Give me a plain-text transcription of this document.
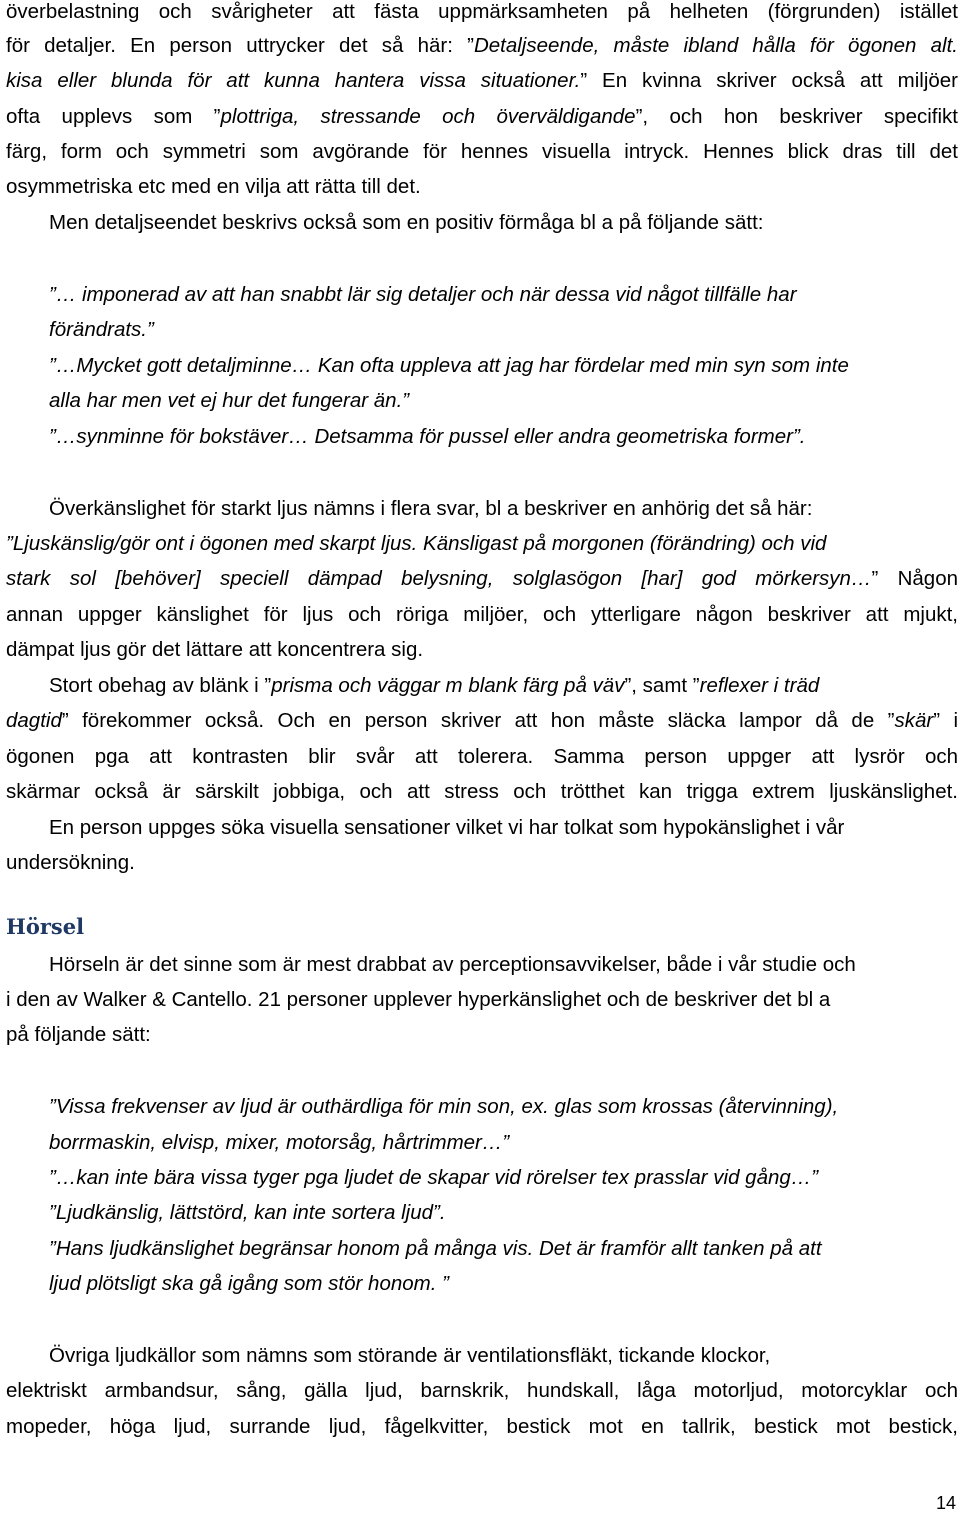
överbelastning och svårigheter att fästa uppmärksamheten på helheten (förgrunden) istället
för detaljer. En person uttrycker det så här: ”Detaljseende, måste ibland hålla för ögonen alt.
kisa eller blunda för att kunna hantera vissa situationer.” En kvinna skriver också att miljöer
ofta upplevs som ”plottriga, stressande och överväldigande”, och hon beskriver specifikt
färg, form och symmetri som avgörande för hennes visuella intryck. Hennes blick dras till det
osymmetriska etc med en vilja att rätta till det.
Men detaljseendet beskrivs också som en positiv förmåga bl a på följande sätt:
”… imponerad av att han snabbt lär sig detaljer och när dessa vid något tillfälle har
förändrats.”
”…Mycket gott detaljminne… Kan ofta uppleva att jag har fördelar med min syn som inte
alla har men vet ej hur det fungerar än.”
”…synminne för bokstäver… Detsamma för pussel eller andra geometriska former”.
Överkänslighet för starkt ljus nämns i flera svar, bl a beskriver en anhörig det så här:
”Ljuskänslig/gör ont i ögonen med skarpt ljus. Känsligast på morgonen (förändring) och vid
stark sol [behöver] speciell dämpad belysning, solglasögon [har] god mörkersyn…” Någon
annan uppger känslighet för ljus och röriga miljöer, och ytterligare någon beskriver att mjukt,
dämpat ljus gör det lättare att koncentrera sig.
Stort obehag av blänk i ”prisma och väggar m blank färg på väv”, samt ”reflexer i träd
dagtid” förekommer också. Och en person skriver att hon måste släcka lampor då de ”skär” i
ögonen pga att kontrasten blir svår att tolerera. Samma person uppger att lysrör och
skärmar också är särskilt jobbiga, och att stress och trötthet kan trigga extrem ljuskänslighet.
En person uppges söka visuella sensationer vilket vi har tolkat som hypokänslighet i vår
undersökning.
Hörsel
Hörseln är det sinne som är mest drabbat av perceptionsavvikelser, både i vår studie och
i den av Walker & Cantello. 21 personer upplever hyperkänslighet och de beskriver det bl a
på följande sätt:
”Vissa frekvenser av ljud är outhärdliga för min son, ex. glas som krossas (återvinning),
borrmaskin, elvisp, mixer, motorsåg, hårtrimmer…”
”…kan inte bära vissa tyger pga ljudet de skapar vid rörelser tex prasslar vid gång…”
”Ljudkänslig, lättstörd, kan inte sortera ljud”.
”Hans ljudkänslighet begränsar honom på många vis. Det är framför allt tanken på att
ljud plötsligt ska gå igång som stör honom. ”
Övriga ljudkällor som nämns som störande är ventilationsfläkt, tickande klockor,
elektriskt armbandsur, sång, gälla ljud, barnskrik, hundskall, låga motorljud, motorcyklar och
mopeder, höga ljud, surrande ljud, fågelkvitter, bestick mot en tallrik, bestick mot bestick,
14
